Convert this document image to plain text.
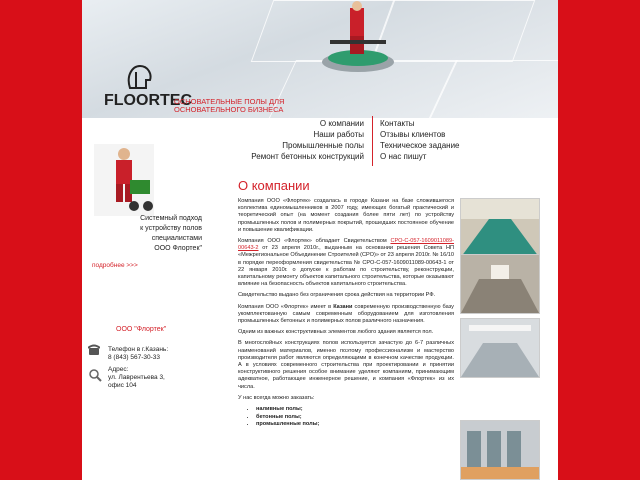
FLOORTEC
ОСНОВАТЕЛЬНЫЕ ПОЛЫ ДЛЯ ОСНОВАТЕЛЬНОГО БИЗНЕСА
О компании
Наши работы
Промышленные полы
Ремонт бетонных конструкций
Контакты
Отзывы клиентов
Техническое задание
О нас пишут
Системный подход
к устройству полов
специалистами
ООО Флортек"
подробнее >>>
ООО "Флортек"
Телефон в г.Казань:
8 (843) 567-30-33
Адрес:
ул. Лаврентьева 3,
офис 104
О компании

Компания ООО «Флортек» создалась в городе Казани на базе сложившегося коллектива единомышленников в 2007 году, имеющих богатый практический и теоретический опыт (на момент создания более пяти лет) по устройству промышленных полов и полимерных покрытий, прошедших постоянное обучение и повышение квалификации.

Компания ООО «Флортек» обладает Свидетельством СРО-С-057-1609011089-00643-2 от 23 апреля 2010г., выданным на основании решения Совета НП «Межрегиональное Объединение Строителей (СРО)» от 23 апреля 2010г. № 16/10 в порядке переоформления свидетельства № СРО-С-057-1609011089-00643-1 от 22 января 2010г. о допуске к работам по строительству, реконструкции, капитальному ремонту объектов капитального строительства, которые оказывают влияние на безопасность объектов капитального строительства.

Свидетельство выдано без ограничения срока действия на территории РФ.

Компания ООО «Флортек» имеет в Казани современную производственную базу укомплектованную самым современным оборудованием для изготовления промышленных бетонных и полимерных полов различного назначения.

Одним из важных конструктивных элементов любого здания является пол.

В многослойных конструкциях полов используется зачастую до 6-7 различных наименований материалов, именно поэтому профессионализм и мастерство производителя работ являются определяющими в конечном качестве продукции. А в условиях современного строительства при проектировании и принятии конструктивного решения особое внимание уделяют компаниям, принимающим адекватное, работающее инженерное решение, и компания «Флортек» из их числа.

У нас всегда можно заказать:

• наливные полы;
• бетонные полы;
• промышленные полы;
